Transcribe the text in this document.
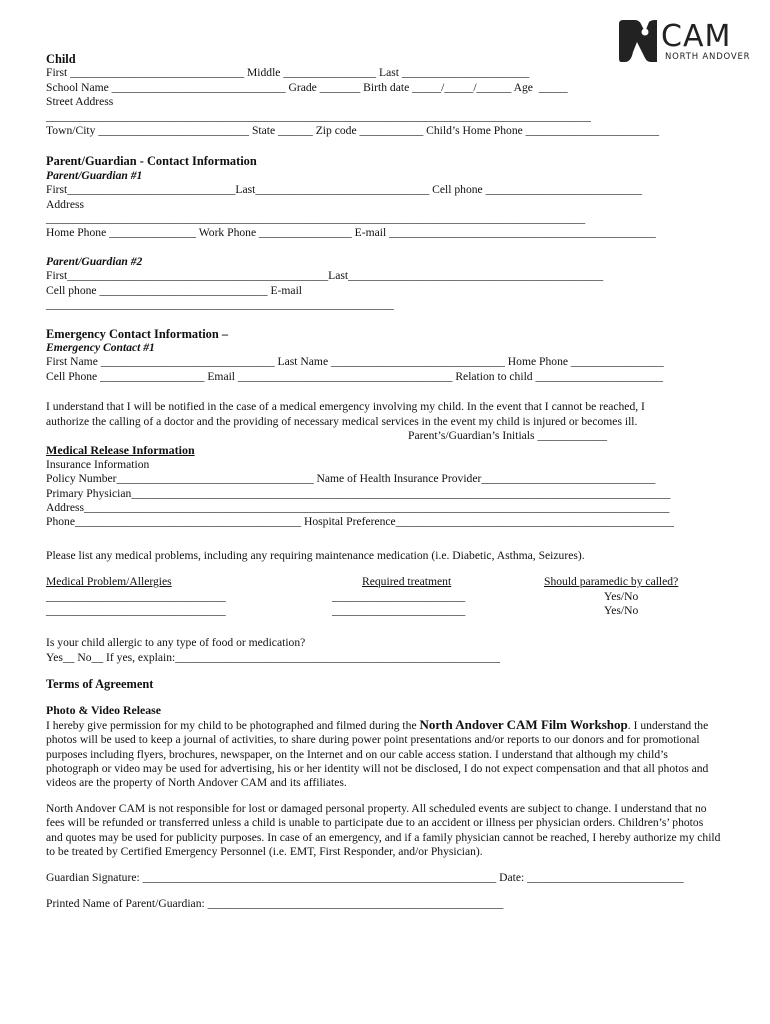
CAM
NORTH ANDOVER
Child
First ______________________________ Middle ________________ Last ______________________
School Name ______________________________ Grade _______ Birth date _____/_____/______ Age  _____
Street Address
______________________________________________________________________________________________
Town/City __________________________ State ______ Zip code ___________ Child’s Home Phone _______________________
Parent/Guardian - Contact Information
Parent/Guardian #1
First_____________________________Last______________________________ Cell phone ___________________________
Address
_____________________________________________________________________________________________
Home Phone _______________ Work Phone ________________ E-mail ______________________________________________
Parent/Guardian #2
First_____________________________________________Last____________________________________________
Cell phone _____________________________ E-mail
____________________________________________________________
Emergency Contact Information –
Emergency Contact #1
First Name ______________________________ Last Name ______________________________ Home Phone ________________
Cell Phone __________________ Email _____________________________________ Relation to child ______________________
I understand that I will be notified in the case of a medical emergency involving my child. In the event that I cannot be reached, I authorize the calling of a doctor and the providing of necessary medical services in the event my child is injured or becomes ill.
Parent’s/Guardian’s Initials ____________
Medical Release Information
Insurance Information
Policy Number__________________________________ Name of Health Insurance Provider______________________________
Primary Physician_____________________________________________________________________________________________
Address_____________________________________________________________________________________________________
Phone_______________________________________ Hospital Preference________________________________________________
Please list any medical problems, including any requiring maintenance medication (i.e. Diabetic, Asthma, Seizures).
Medical Problem/Allergies
_______________________________
_______________________________
Required treatment
_______________________
_______________________
Should paramedic by called?
Yes/No
Yes/No
Is your child allergic to any type of food or medication?
Yes__ No__ If yes, explain:________________________________________________________
Terms of Agreement
Photo & Video Release
I hereby give permission for my child to be photographed and filmed during the North Andover CAM Film Workshop. I understand the photos will be used to keep a journal of activities, to share during power point presentations and/or reports to our donors and for promotional purposes including flyers, brochures, newspaper, on the Internet and on our cable access station. I understand that although my child’s photograph or video may be used for advertising, his or her identity will not be disclosed, I do not expect compensation and that all photos and videos are the property of North Andover CAM and its affiliates.
North Andover CAM is not responsible for lost or damaged personal property. All scheduled events are subject to change. I understand that no fees will be refunded or transferred unless a child is unable to participate due to an accident or illness per physician orders. Children’s’ photos and quotes may be used for publicity purposes. In case of an emergency, and if a family physician cannot be reached, I hereby authorize my child to be treated by Certified Emergency Personnel (i.e. EMT, First Responder, and/or Physician).
Guardian Signature: _____________________________________________________________ Date: ___________________________
Printed Name of Parent/Guardian: ___________________________________________________
